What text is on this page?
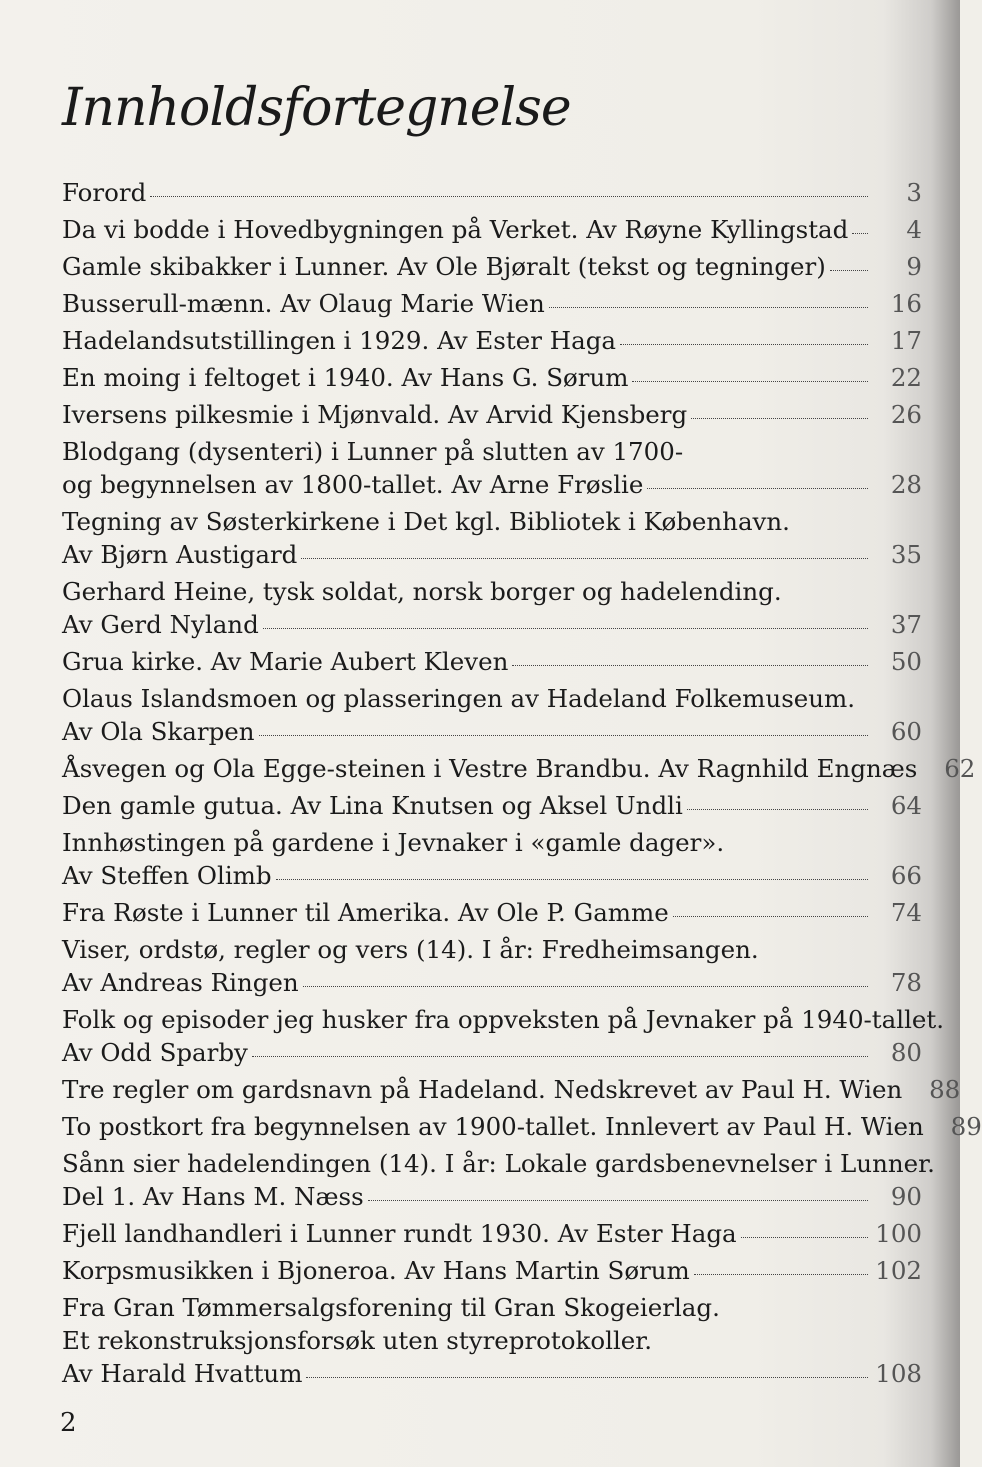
Innholdsfortegnelse
Forord	3
Da vi bodde i Hovedbygningen på Verket. Av Røyne Kyllingstad	4
Gamle skibakker i Lunner. Av Ole Bjøralt (tekst og tegninger)	9
Busserull-mænn. Av Olaug Marie Wien	16
Hadelandsutstillingen i 1929. Av Ester Haga	17
En moing i feltoget i 1940. Av Hans G. Sørum	22
Iversens pilkesmie i Mjønvald. Av Arvid Kjensberg	26
Blodgang (dysenteri) i Lunner på slutten av 1700-
og begynnelsen av 1800-tallet. Av Arne Frøslie	28
Tegning av Søsterkirkene i Det kgl. Bibliotek i København.
Av Bjørn Austigard	35
Gerhard Heine, tysk soldat, norsk borger og hadelending.
Av Gerd Nyland	37
Grua kirke. Av Marie Aubert Kleven	50
Olaus Islandsmoen og plasseringen av Hadeland Folkemuseum.
Av Ola Skarpen	60
Åsvegen og Ola Egge-steinen i Vestre Brandbu. Av Ragnhild Engnæs	62
Den gamle gutua. Av Lina Knutsen og Aksel Undli	64
Innhøstingen på gardene i Jevnaker i «gamle dager».
Av Steffen Olimb	66
Fra Røste i Lunner til Amerika. Av Ole P. Gamme	74
Viser, ordstø, regler og vers (14). I år: Fredheimsangen.
Av Andreas Ringen	78
Folk og episoder jeg husker fra oppveksten på Jevnaker på 1940-tallet.
Av Odd Sparby	80
Tre regler om gardsnavn på Hadeland. Nedskrevet av Paul H. Wien	88
To postkort fra begynnelsen av 1900-tallet. Innlevert av Paul H. Wien	89
Sånn sier hadelendingen (14). I år: Lokale gardsbenevnelser i Lunner.
Del 1. Av Hans M. Næss	90
Fjell landhandleri i Lunner rundt 1930. Av Ester Haga	100
Korpsmusikken i Bjoneroa. Av Hans Martin Sørum	102
Fra Gran Tømmersalgsforening til Gran Skogeierlag.
Et rekonstruksjonsforsøk uten styreprotokoller.
Av Harald Hvattum	108
2
